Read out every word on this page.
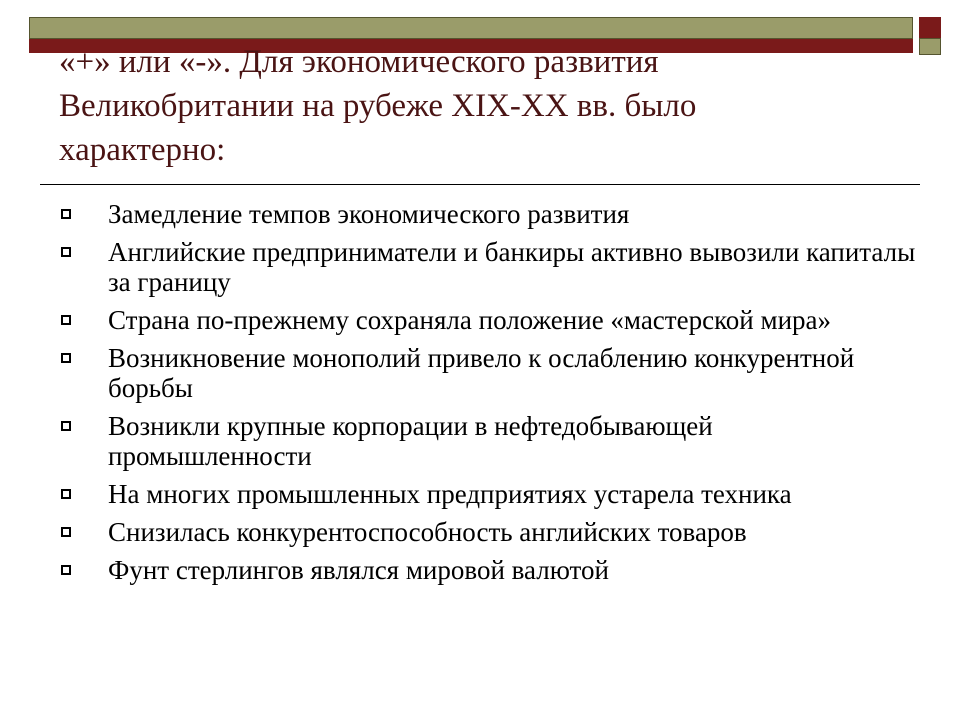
«+» или «-». Для экономического развития
Великобритании на рубеже XIX-XX вв. было
характерно:
Замедление темпов экономического развития
Английские предприниматели и банкиры активно вывозили капиталы за границу
Страна по-прежнему сохраняла положение «мастерской мира»
Возникновение монополий привело к ослаблению конкурентной борьбы
Возникли крупные корпорации в нефтедобывающей промышленности
На многих промышленных предприятиях устарела техника
Снизилась конкурентоспособность английских товаров
Фунт стерлингов являлся мировой валютой
